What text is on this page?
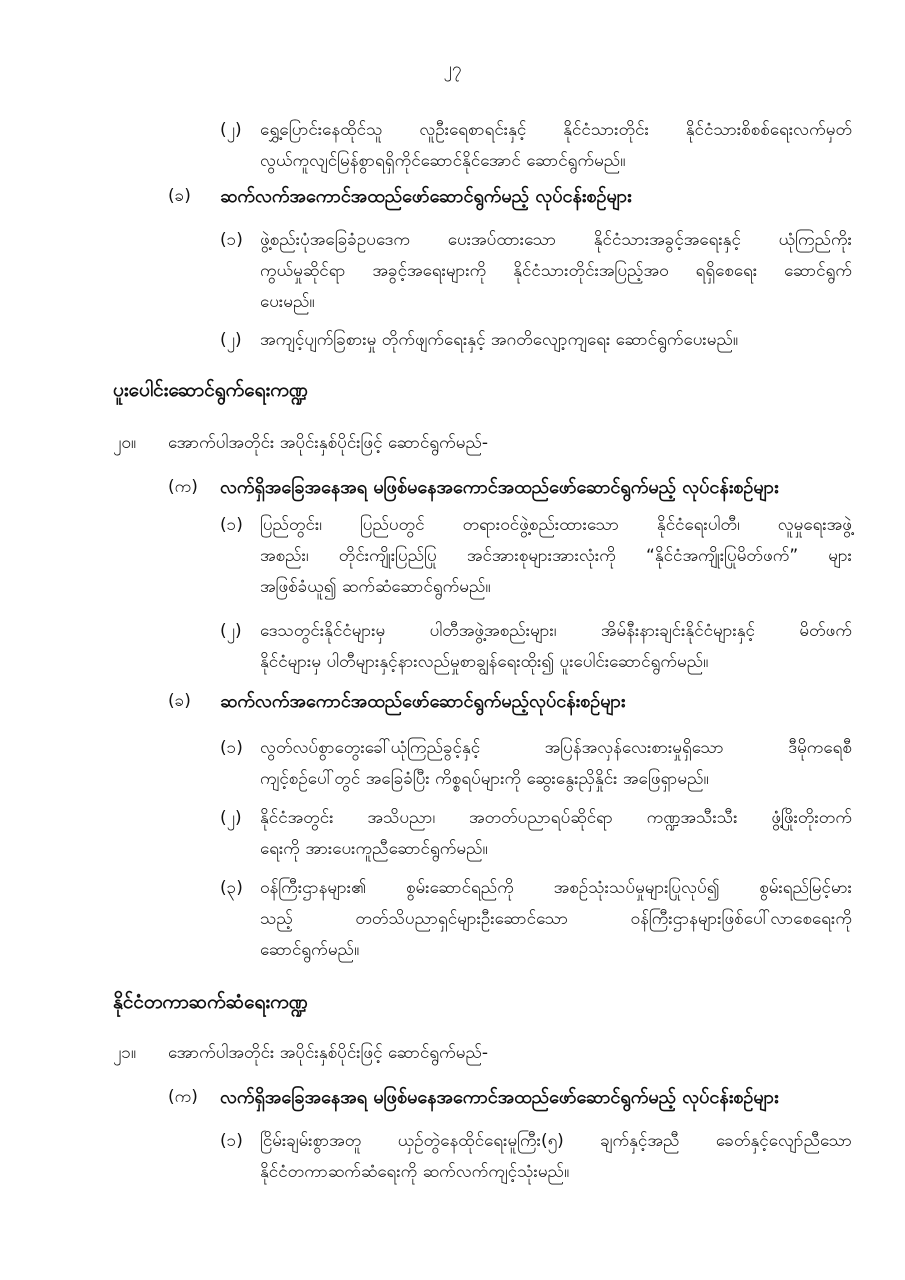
၂၇
(၂) ရွှေ့ပြောင်းနေထိုင်သူ လူဦးရေစာရင်းနှင့် နိုင်ငံသားတိုင်း နိုင်ငံသားစိစစ်ရေးလက်မှတ်
လွယ်ကူလျင်မြန်စွာရရှိကိုင်ဆောင်နိုင်အောင် ဆောင်ရွက်မည်။
(ခ) ဆက်လက်အကောင်အထည်ဖော်ဆောင်ရွက်မည့် လုပ်ငန်းစဉ်များ
(၁) ဖွဲ့စည်းပုံအခြေခံဥပဒေက ပေးအပ်ထားသော နိုင်ငံသားအခွင့်အရေးနှင့် ယုံကြည်ကိုး
ကွယ်မှုဆိုင်ရာ အခွင့်အရေးများကို နိုင်ငံသားတိုင်းအပြည့်အဝ ရရှိစေရေး ဆောင်ရွက်
ပေးမည်။
(၂) အကျင့်ပျက်ခြစားမှု တိုက်ဖျက်ရေးနှင့် အဂတိလျော့ကျရေး ဆောင်ရွက်ပေးမည်။
ပူးပေါင်းဆောင်ရွက်ရေးကဏ္ဍ
၂၀။ အောက်ပါအတိုင်း အပိုင်းနှစ်ပိုင်းဖြင့် ဆောင်ရွက်မည်-
(က) လက်ရှိအခြေအနေအရ မဖြစ်မနေအကောင်အထည်ဖော်ဆောင်ရွက်မည့် လုပ်ငန်းစဉ်များ
(၁) ပြည်တွင်း၊ ပြည်ပတွင် တရားဝင်ဖွဲ့စည်းထားသော နိုင်ငံရေးပါတီ၊ လူမှုရေးအဖွဲ့
အစည်း၊ တိုင်းကျိုးပြည်ပြု အင်အားစုများအားလုံးကို “နိုင်ငံအကျိုးပြုမိတ်ဖက်” များ
အဖြစ်ခံယူ၍ ဆက်ဆံဆောင်ရွက်မည်။
(၂) ဒေသတွင်းနိုင်ငံများမှ ပါတီအဖွဲ့အစည်းများ၊ အိမ်နီးနားချင်းနိုင်ငံများနှင့် မိတ်ဖက်
နိုင်ငံများမှ ပါတီများနှင့်နားလည်မှုစာချွန်ရေးထိုး၍ ပူးပေါင်းဆောင်ရွက်မည်။
(ခ) ဆက်လက်အကောင်အထည်ဖော်ဆောင်ရွက်မည့်လုပ်ငန်းစဉ်များ
(၁) လွတ်လပ်စွာတွေးခေါ်ယုံကြည်ခွင့်နှင့် အပြန်အလှန်လေးစားမှုရှိသော ဒီမိုကရေစီ
ကျင့်စဉ်ပေါ်တွင် အခြေခံပြီး ကိစ္စရပ်များကို ဆွေးနွေးညှိနှိုင်း အဖြေရှာမည်။
(၂) နိုင်ငံအတွင်း အသိပညာ၊ အတတ်ပညာရပ်ဆိုင်ရာ ကဏ္ဍအသီးသီး ဖွံ့ဖြိုးတိုးတက်
ရေးကို အားပေးကူညီဆောင်ရွက်မည်။
(၃) ဝန်ကြီးဌာနများ၏ စွမ်းဆောင်ရည်ကို အစဉ်သုံးသပ်မှုများပြုလုပ်၍ စွမ်းရည်မြင့်မား
သည့် တတ်သိပညာရှင်များဦးဆောင်သော ဝန်ကြီးဌာနများဖြစ်ပေါ်လာစေရေးကို
ဆောင်ရွက်မည်။
နိုင်ငံတကာဆက်ဆံရေးကဏ္ဍ
၂၁။ အောက်ပါအတိုင်း အပိုင်းနှစ်ပိုင်းဖြင့် ဆောင်ရွက်မည်-
(က) လက်ရှိအခြေအနေအရ မဖြစ်မနေအကောင်အထည်ဖော်ဆောင်ရွက်မည့် လုပ်ငန်းစဉ်များ
(၁) ငြိမ်းချမ်းစွာအတူ ယှဉ်တွဲနေထိုင်ရေးမူကြီး(၅) ချက်နှင့်အညီ ခေတ်နှင့်လျော်ညီသော
နိုင်ငံတကာဆက်ဆံရေးကို ဆက်လက်ကျင့်သုံးမည်။
